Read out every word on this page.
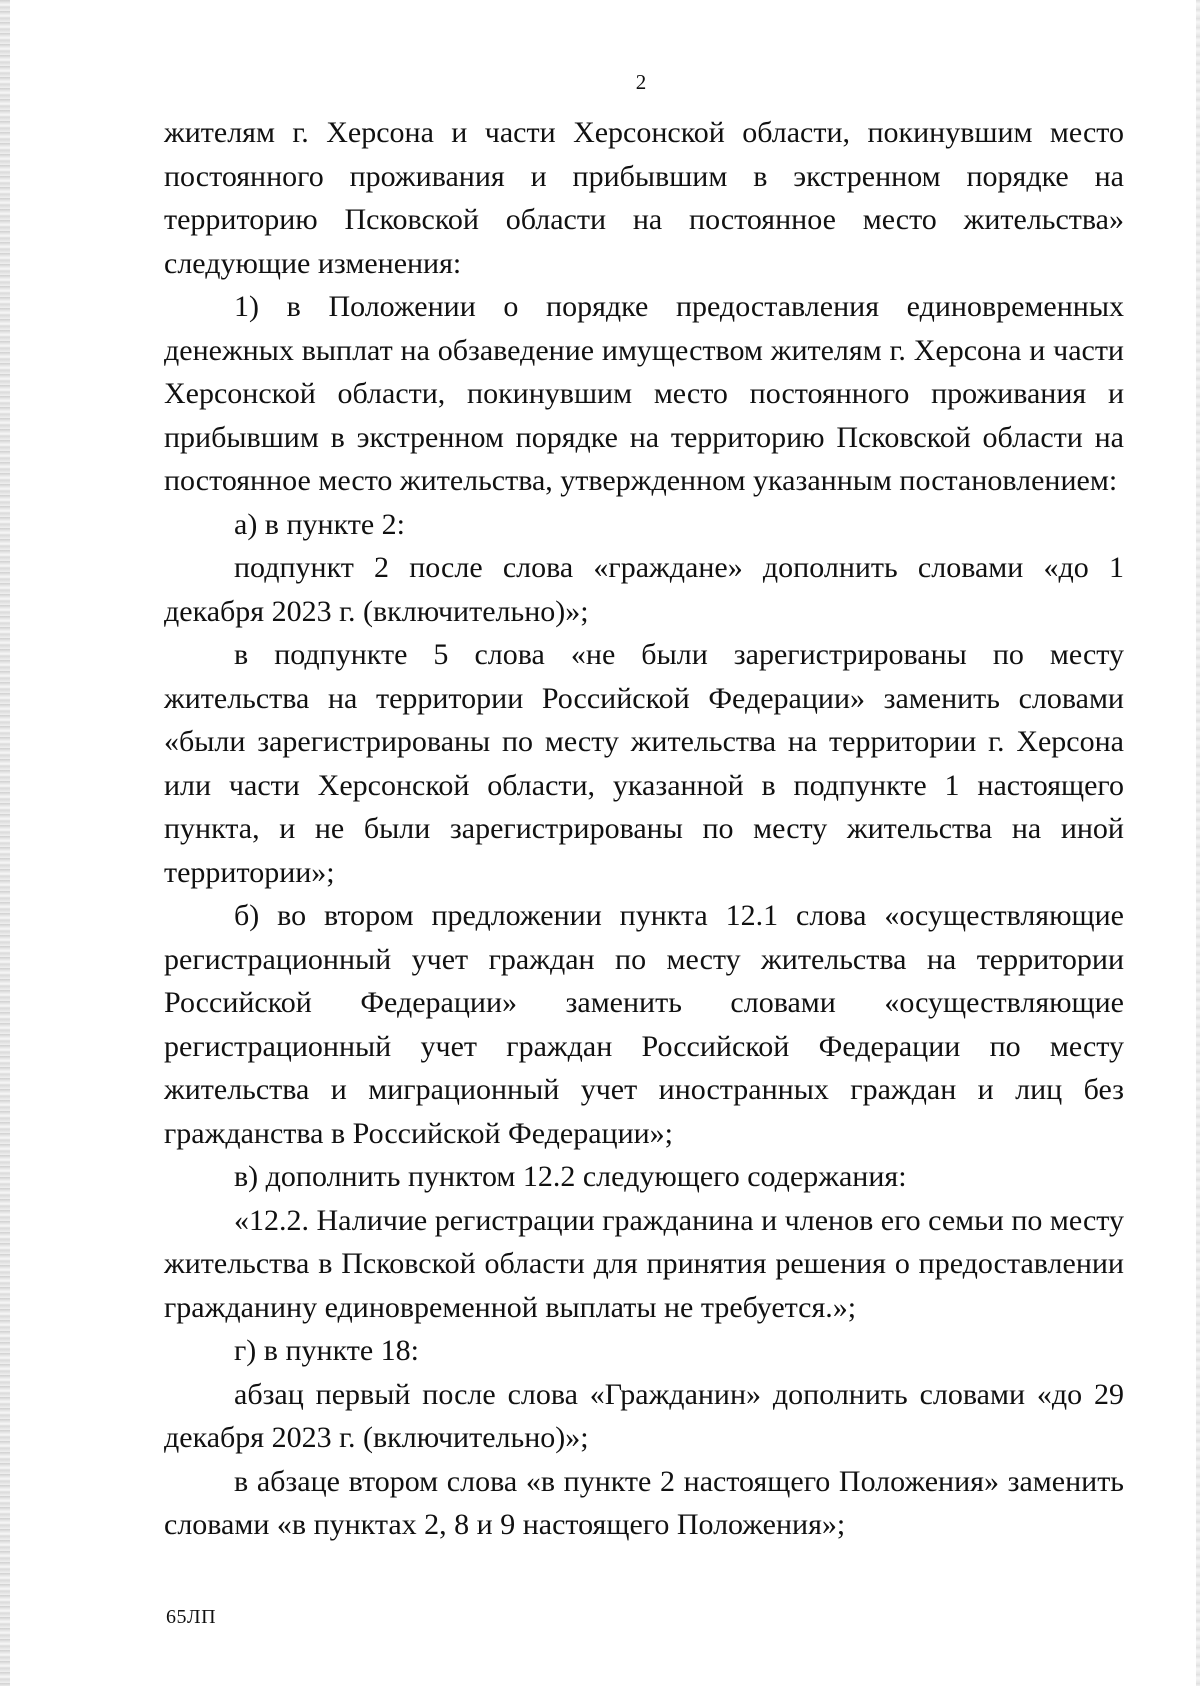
2

жителям г. Херсона и части Херсонской области, покинувшим место постоянного проживания и прибывшим в экстренном порядке на территорию Псковской области на постоянное место жительства» следующие изменения:

1) в Положении о порядке предоставления единовременных денежных выплат на обзаведение имуществом жителям г. Херсона и части Херсонской области, покинувшим место постоянного проживания и прибывшим в экстренном порядке на территорию Псковской области на постоянное место жительства, утвержденном указанным постановлением:

а) в пункте 2:

подпункт 2 после слова «граждане» дополнить словами «до 1 декабря 2023 г. (включительно)»;

в подпункте 5 слова «не были зарегистрированы по месту жительства на территории Российской Федерации» заменить словами «были зарегистрированы по месту жительства на территории г. Херсона или части Херсонской области, указанной в подпункте 1 настоящего пункта, и не были зарегистрированы по месту жительства на иной территории»;

б) во втором предложении пункта 12.1 слова «осуществляющие регистрационный учет граждан по месту жительства на территории Российской Федерации» заменить словами «осуществляющие регистрационный учет граждан Российской Федерации по месту жительства и миграционный учет иностранных граждан и лиц без гражданства в Российской Федерации»;

в) дополнить пунктом 12.2 следующего содержания:

«12.2. Наличие регистрации гражданина и членов его семьи по месту жительства в Псковской области для принятия решения о предоставлении гражданину единовременной выплаты не требуется.»;

г) в пункте 18:

абзац первый после слова «Гражданин» дополнить словами «до 29 декабря 2023 г. (включительно)»;

в абзаце втором слова «в пункте 2 настоящего Положения» заменить словами «в пунктах 2, 8 и 9 настоящего Положения»;

65ЛП
